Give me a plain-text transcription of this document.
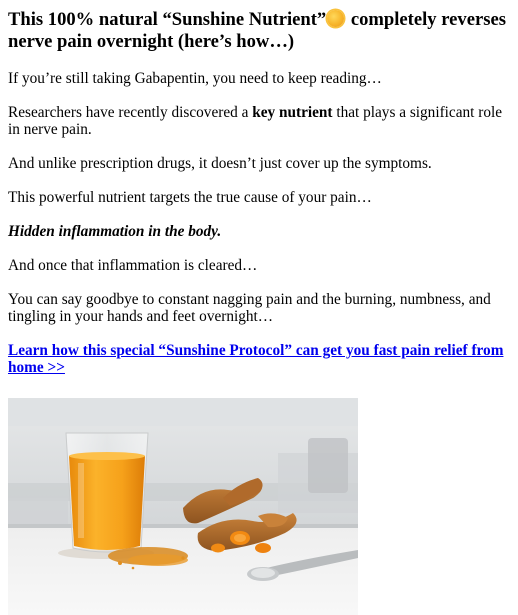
This 100% natural “Sunshine Nutrient” completely reverses nerve pain overnight (here’s how…)

If you’re still taking Gabapentin, you need to keep reading…

Researchers have recently discovered a key nutrient that plays a significant role in nerve pain.

And unlike prescription drugs, it doesn’t just cover up the symptoms.

This powerful nutrient targets the true cause of your pain…

Hidden inflammation in the body.

And once that inflammation is cleared…

You can say goodbye to constant nagging pain and the burning, numbness, and tingling in your hands and feet overnight…

Learn how this special “Sunshine Protocol” can get you fast pain relief from home >>
